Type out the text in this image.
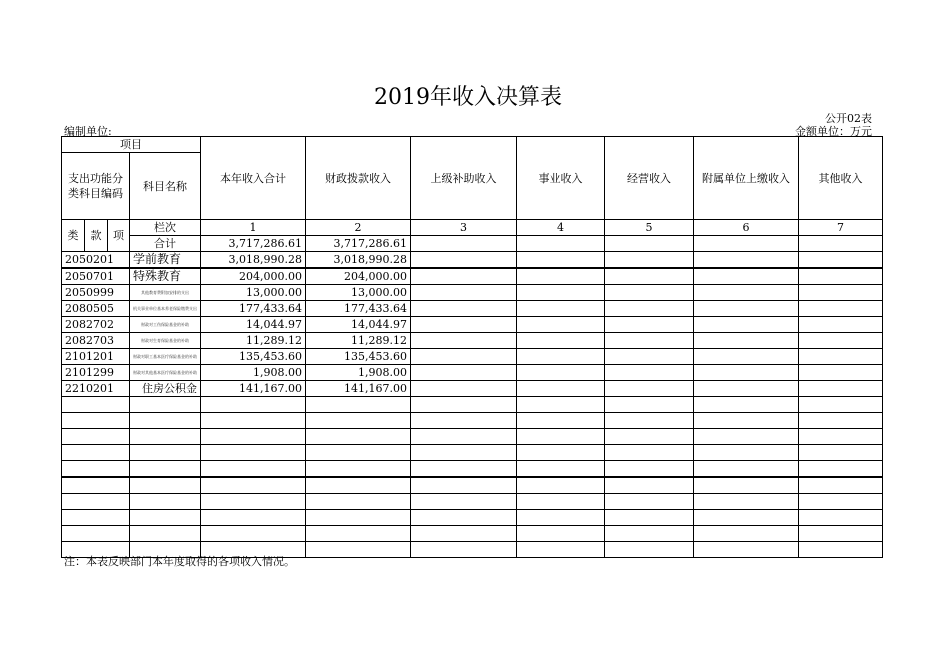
2019年收入决算表
公开02表
编制单位:	金额单位：万元
项目				本年收入合计	财政拨款收入	上级补助收入	事业收入	经营收入	附属单位上缴收入	其他收入
支出功能分类科目编码			科目名称							
类	款	项	栏次	1	2	3	4	5	6	7
			合计	3,717,286.61	3,717,286.61					
2050201			学前教育	3,018,990.28	3,018,990.28					
2050701			特殊教育	204,000.00	204,000.00					
2050999			其他教育费附加安排的支出	13,000.00	13,000.00					
2080505			机关事业单位基本养老保险缴费支出	177,433.64	177,433.64					
2082702			财政对工伤保险基金的补助	14,044.97	14,044.97					
2082703			财政对生育保险基金的补助	11,289.12	11,289.12					
2101201			财政对职工基本医疗保险基金的补助	135,453.60	135,453.60					
2101299			财政对其他基本医疗保险基金的补助	1,908.00	1,908.00					
2210201			住房公积金	141,167.00	141,167.00					

注：本表反映部门本年度取得的各项收入情况。
